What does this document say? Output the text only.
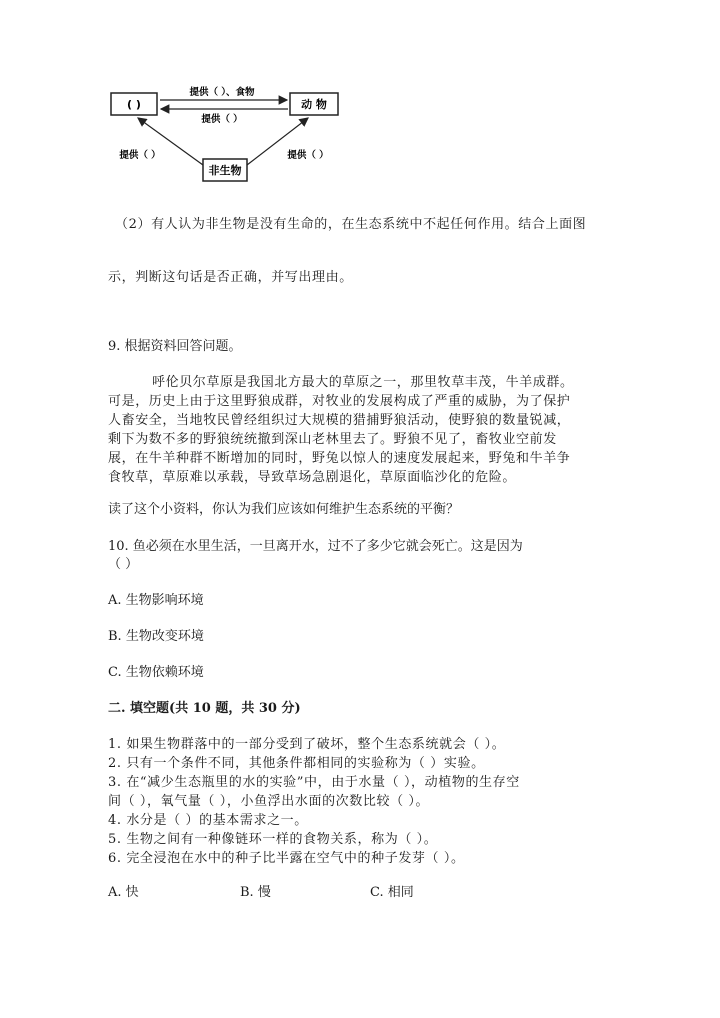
( )	动 物
非生物
提供（ ）、食物
提供（ ）
提供（ ）	提供（ ）
（2）有人认为非生物是没有生命的，在生态系统中不起任何作用。结合上面图
示，判断这句话是否正确，并写出理由。
9. 根据资料回答问题。
呼伦贝尔草原是我国北方最大的草原之一，那里牧草丰茂，牛羊成群。
可是，历史上由于这里野狼成群，对牧业的发展构成了严重的威胁，为了保护
人畜安全，当地牧民曾经组织过大规模的猎捕野狼活动，使野狼的数量锐减，
剩下为数不多的野狼统统撤到深山老林里去了。野狼不见了，畜牧业空前发
展，在牛羊种群不断增加的同时，野兔以惊人的速度发展起来，野兔和牛羊争
食牧草，草原难以承载，导致草场急剧退化，草原面临沙化的危险。
读了这个小资料，你认为我们应该如何维护生态系统的平衡？
10. 鱼必须在水里生活，一旦离开水，过不了多少它就会死亡。这是因为
（ ）
A. 生物影响环境
B. 生物改变环境
C. 生物依赖环境
二. 填空题(共 10 题，共 30 分)
1. 如果生物群落中的一部分受到了破坏，整个生态系统就会（ ）。
2. 只有一个条件不同，其他条件都相同的实验称为（ ）实验。
3. 在“减少生态瓶里的水的实验”中，由于水量（ ），动植物的生存空
间（ ），氧气量（ ），小鱼浮出水面的次数比较（ ）。
4. 水分是（ ）的基本需求之一。
5. 生物之间有一种像链环一样的食物关系，称为（ ）。
6. 完全浸泡在水中的种子比半露在空气中的种子发芽（ ）。
A. 快	B. 慢	C. 相同
